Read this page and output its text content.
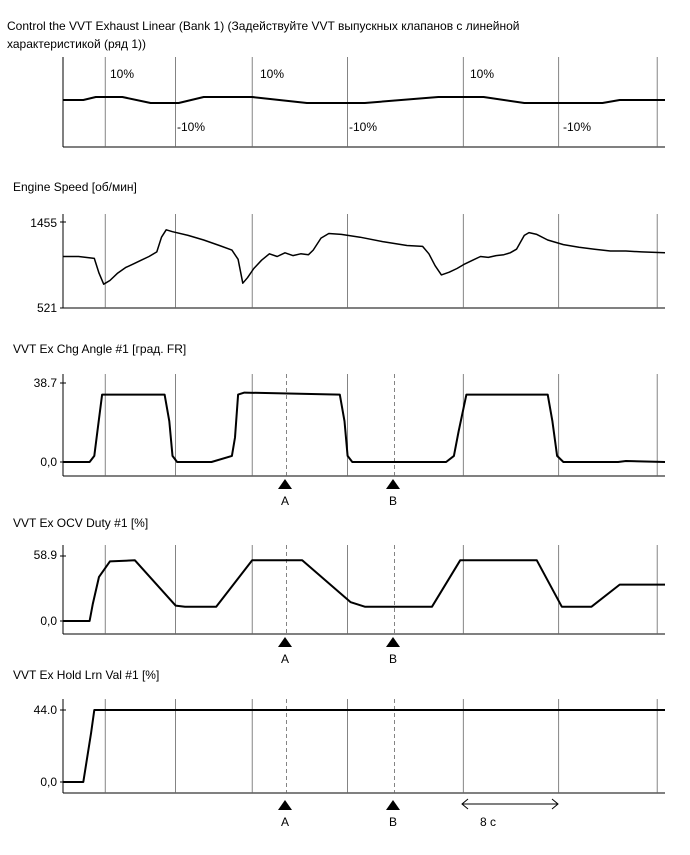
Control the VVT Exhaust Linear (Bank 1) (Задействуйте VVT выпускных клапанов с линейной
характеристикой (ряд 1))
10%
-10%
10%
-10%
10%
-10%
Engine Speed [об/мин]
1455
521
VVT Ex Chg Angle #1 [град. FR]
38.7
0,0
A	B
VVT Ex OCV Duty #1 [%]
58.9
0,0
A	B
VVT Ex Hold Lrn Val #1 [%]
44.0
0,0
A	B	8 с
